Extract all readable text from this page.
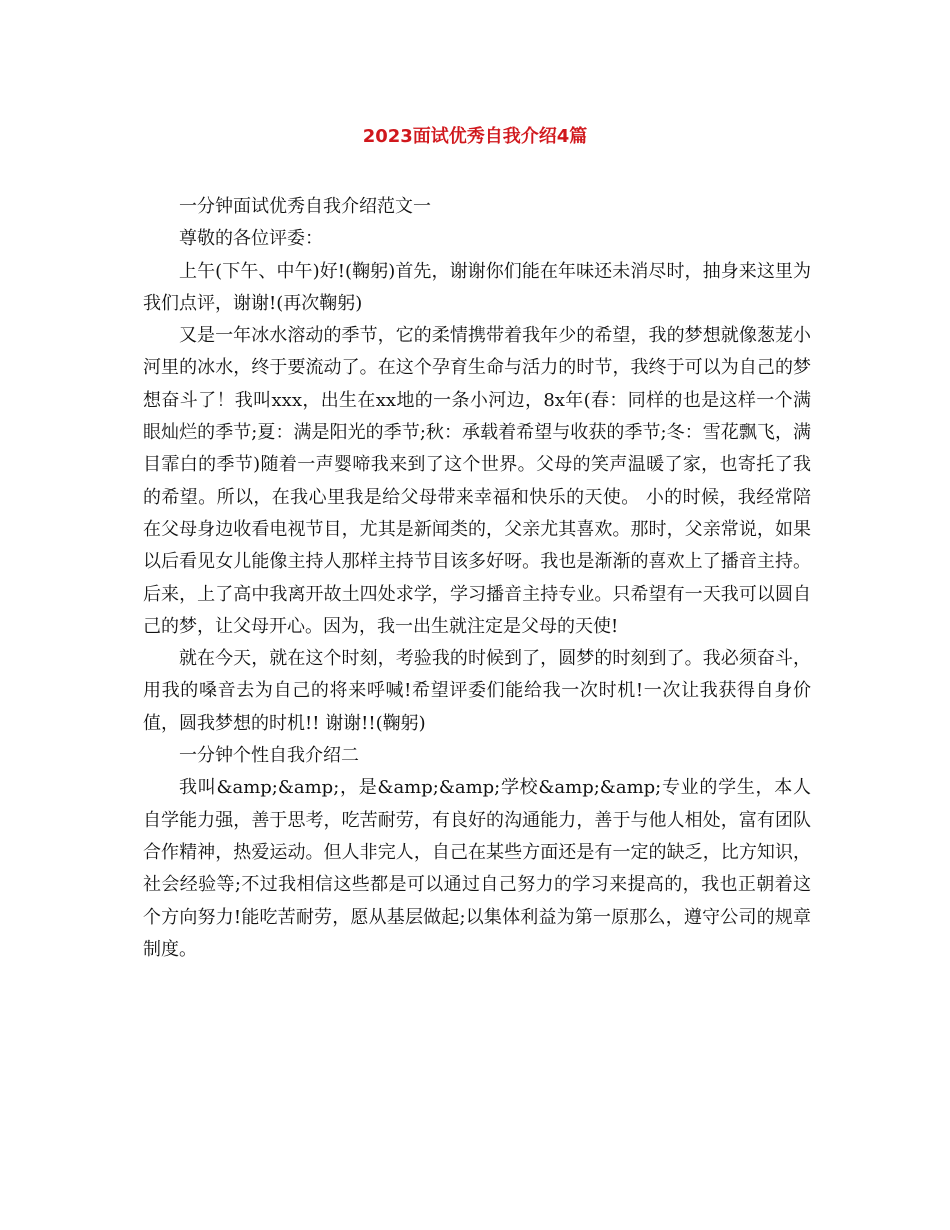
2023面试优秀自我介绍4篇

一分钟面试优秀自我介绍范文一

尊敬的各位评委：

上午(下午、中午)好!(鞠躬)首先，谢谢你们能在年味还未消尽时，抽身来这里为我们点评，谢谢!(再次鞠躬)

又是一年冰水溶动的季节，它的柔情携带着我年少的希望，我的梦想就像葱茏小河里的冰水，终于要流动了。在这个孕育生命与活力的时节，我终于可以为自己的梦想奋斗了！我叫xxx，出生在xx地的一条小河边，8x年(春：同样的也是这样一个满眼灿烂的季节;夏：满是阳光的季节;秋：承载着希望与收获的季节;冬：雪花飘飞，满目霏白的季节)随着一声婴啼我来到了这个世界。父母的笑声温暖了家，也寄托了我的希望。所以，在我心里我是给父母带来幸福和快乐的天使。 小的时候，我经常陪在父母身边收看电视节目，尤其是新闻类的，父亲尤其喜欢。那时，父亲常说，如果以后看见女儿能像主持人那样主持节目该多好呀。我也是渐渐的喜欢上了播音主持。后来，上了高中我离开故土四处求学，学习播音主持专业。只希望有一天我可以圆自己的梦，让父母开心。因为，我一出生就注定是父母的天使!

就在今天，就在这个时刻，考验我的时候到了，圆梦的时刻到了。我必须奋斗，用我的嗓音去为自己的将来呼喊!希望评委们能给我一次时机!一次让我获得自身价值，圆我梦想的时机!! 谢谢!!(鞠躬)

一分钟个性自我介绍二

我叫&amp;&amp;，是&amp;&amp;学校&amp;&amp;专业的学生，本人自学能力强，善于思考，吃苦耐劳，有良好的沟通能力，善于与他人相处，富有团队合作精神，热爱运动。但人非完人，自己在某些方面还是有一定的缺乏，比方知识，社会经验等;不过我相信这些都是可以通过自己努力的学习来提高的，我也正朝着这个方向努力!能吃苦耐劳，愿从基层做起;以集体利益为第一原那么，遵守公司的规章制度。
